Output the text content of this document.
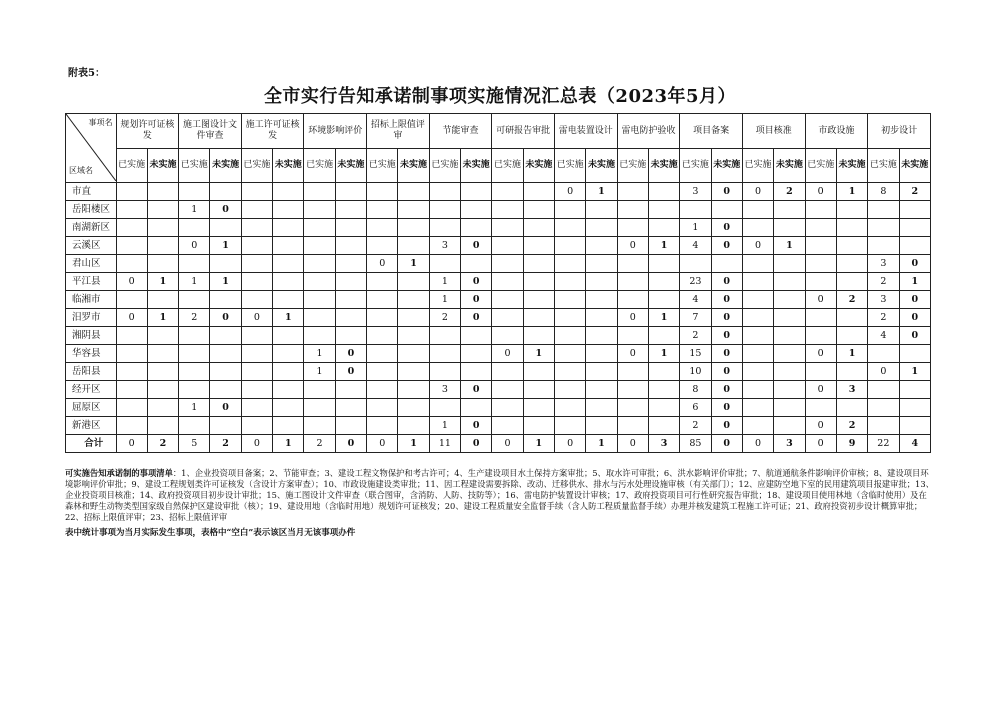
附表5：
全市实行告知承诺制事项实施情况汇总表（2023年5月）
事项名
区域名	规划许可证核发		施工图设计文件审查		施工许可证核发		环境影响评价		招标上限值评审		节能审查		可研报告审批		雷电装置设计		雷电防护验收		项目备案		项目核准		市政设施		初步设计	
	已实施	未实施	已实施	未实施	已实施	未实施	已实施	未实施	已实施	未实施	已实施	未实施	已实施	未实施	已实施	未实施	已实施	未实施	已实施	未实施	已实施	未实施	已实施	未实施	已实施	未实施
市直															0	1			3	0	0	2	0	1	8	2
岳阳楼区			1	0																						
南湖新区																			1	0						
云溪区			0	1							3	0					0	1	4	0	0	1				
君山区									0	1															3	0
平江县	0	1	1	1							1	0							23	0					2	1
临湘市											1	0							4	0			0	2	3	0
汨罗市	0	1	2	0	0	1					2	0					0	1	7	0					2	0
湘阴县																			2	0					4	0
华容县							1	0					0	1			0	1	15	0			0	1		
岳阳县							1	0											10	0					0	1
经开区											3	0							8	0			0	3		
屈原区			1	0															6	0						
新港区											1	0							2	0			0	2		
合计	0	2	5	2	0	1	2	0	0	1	11	0	0	1	0	1	0	3	85	0	0	3	0	9	22	4
可实施告知承诺制的事项清单：1、企业投资项目备案；2、节能审查；3、建设工程文物保护和考古许可；4、生产建设项目水土保持方案审批；5、取水许可审批；6、洪水影响评价审批；7、航道通航条件影响评价审核；8、建设项目环境影响评价审批；9、建设工程规划类许可证核发（含设计方案审查）；10、市政设施建设类审批；11、因工程建设需要拆除、改动、迁移供水、排水与污水处理设施审核（有关部门）；12、应建防空地下室的民用建筑项目报建审批；13、企业投资项目核准；14、政府投资项目初步设计审批；15、施工图设计文件审查（联合图审，含消防、人防、技防等）；16、雷电防护装置设计审核；17、政府投资项目可行性研究报告审批；18、建设项目使用林地（含临时使用）及在森林和野生动物类型国家级自然保护区建设审批（核）；19、建设用地（含临时用地）规划许可证核发；20、建设工程质量安全监督手续（含人防工程质量监督手续）办理并核发建筑工程施工许可证；21、政府投资初步设计概算审批；22、招标上限值评审；23、招标上限值评审
表中统计事项为当月实际发生事项，表格中“空白”表示该区当月无该事项办件
